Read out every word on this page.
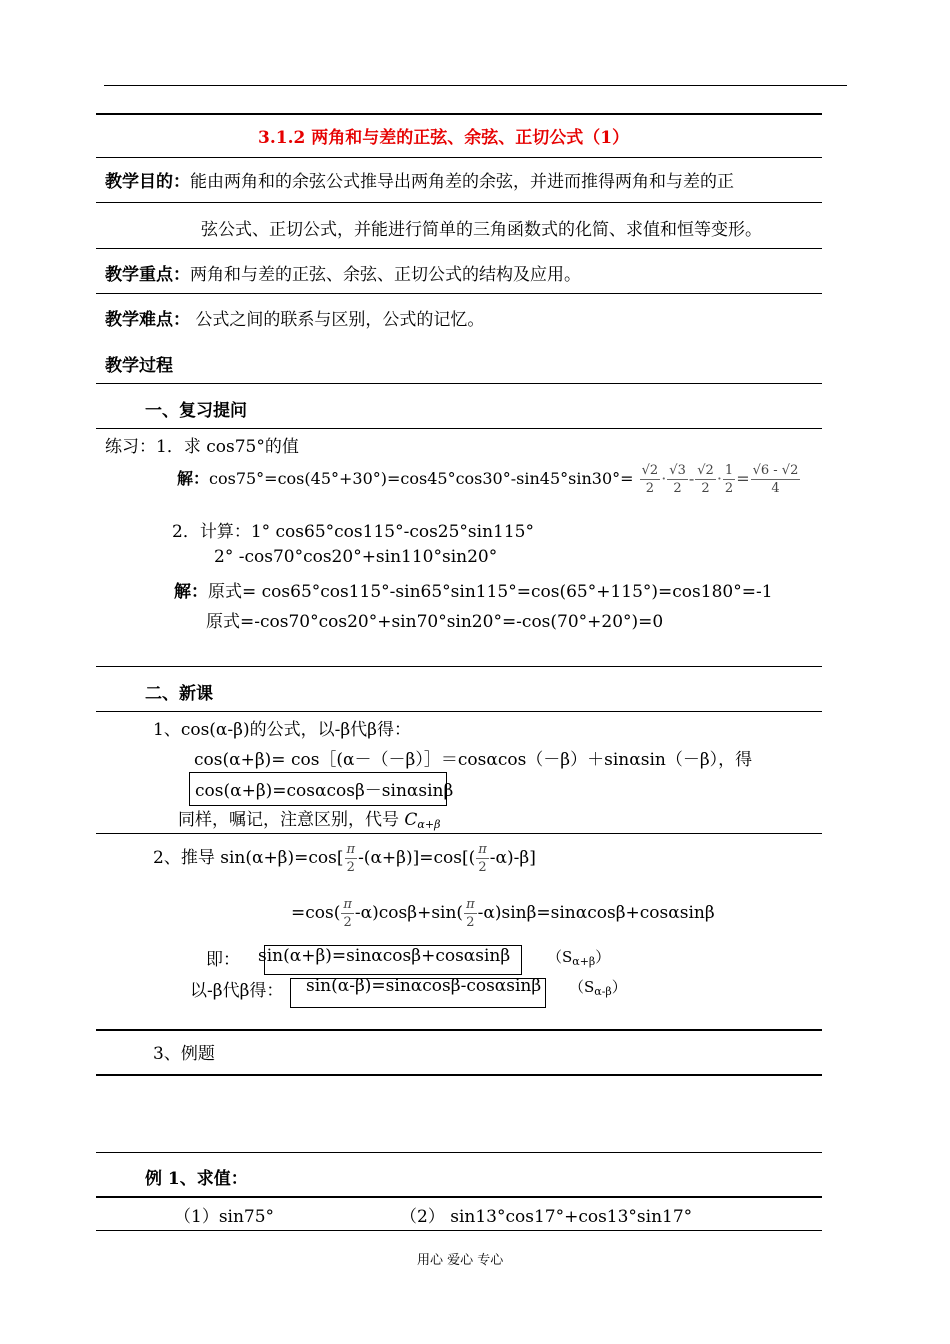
3.1.2 两角和与差的正弦、余弦、正切公式（1）
教学目的：能由两角和的余弦公式推导出两角差的余弦，并进而推得两角和与差的正
弦公式、正切公式，并能进行简单的三角函数式的化简、求值和恒等变形。
教学重点：两角和与差的正弦、余弦、正切公式的结构及应用。
教学难点： 公式之间的联系与区别，公式的记忆。
教学过程
一、复习提问
练习：1．求 cos75°的值
解：$\cos 75^\circ=\cos(45^\circ+30^\circ)=\cos 45^\circ\cos 30^\circ-\sin 45^\circ\sin 30^\circ= \frac{√2}{2} \cdot \frac{√3}{2} - \frac{√2}{2} \cdot \frac{1}{2} = \frac{√6 - √2}{4}$
2．计算：1° cos65°cos115°-cos25°sin115°
2° -cos70°cos20°+sin110°sin20°
解：原式= cos65°cos115°-sin65°sin115°=cos(65°+115°)=cos180°=-1
原式=-cos70°cos20°+sin70°sin20°=-cos(70°+20°)=0
二、新课
1、cos(α-β)的公式，以-β代β得：
cos(α+β)= cos［(α－（－β）］＝cosαcos（－β）＋sinαsin（－β），得
cos(α+β)=cosαcosβ－sinαsinβ
同样，嘱记，注意区别，代号 $C_{\alpha+\beta}$
2、推导 $\sin(\alpha+\beta)=\cos[ \frac{\pi}{2} -(\alpha+\beta)]=\cos[( \frac{\pi}{2} -\alpha)-\beta]$
$=\cos( \frac{\pi}{2} -\alpha)\cos\beta+\sin( \frac{\pi}{2} -\alpha)\sin\beta=\sin\alpha\cos\beta+\cos\alpha\sin\beta$
即： sin(α+β)=sinαcosβ+cosαsinβ $(S_{\alpha+\beta})$
以-β代β得： sin(α-β)=sinαcosβ-cosαsinβ $(S_{\alpha-\beta})$
3、例题
例 1、求值：
（1）sin75°	（2） sin13°cos17°+cos13°sin17°
用心 爱心 专心
